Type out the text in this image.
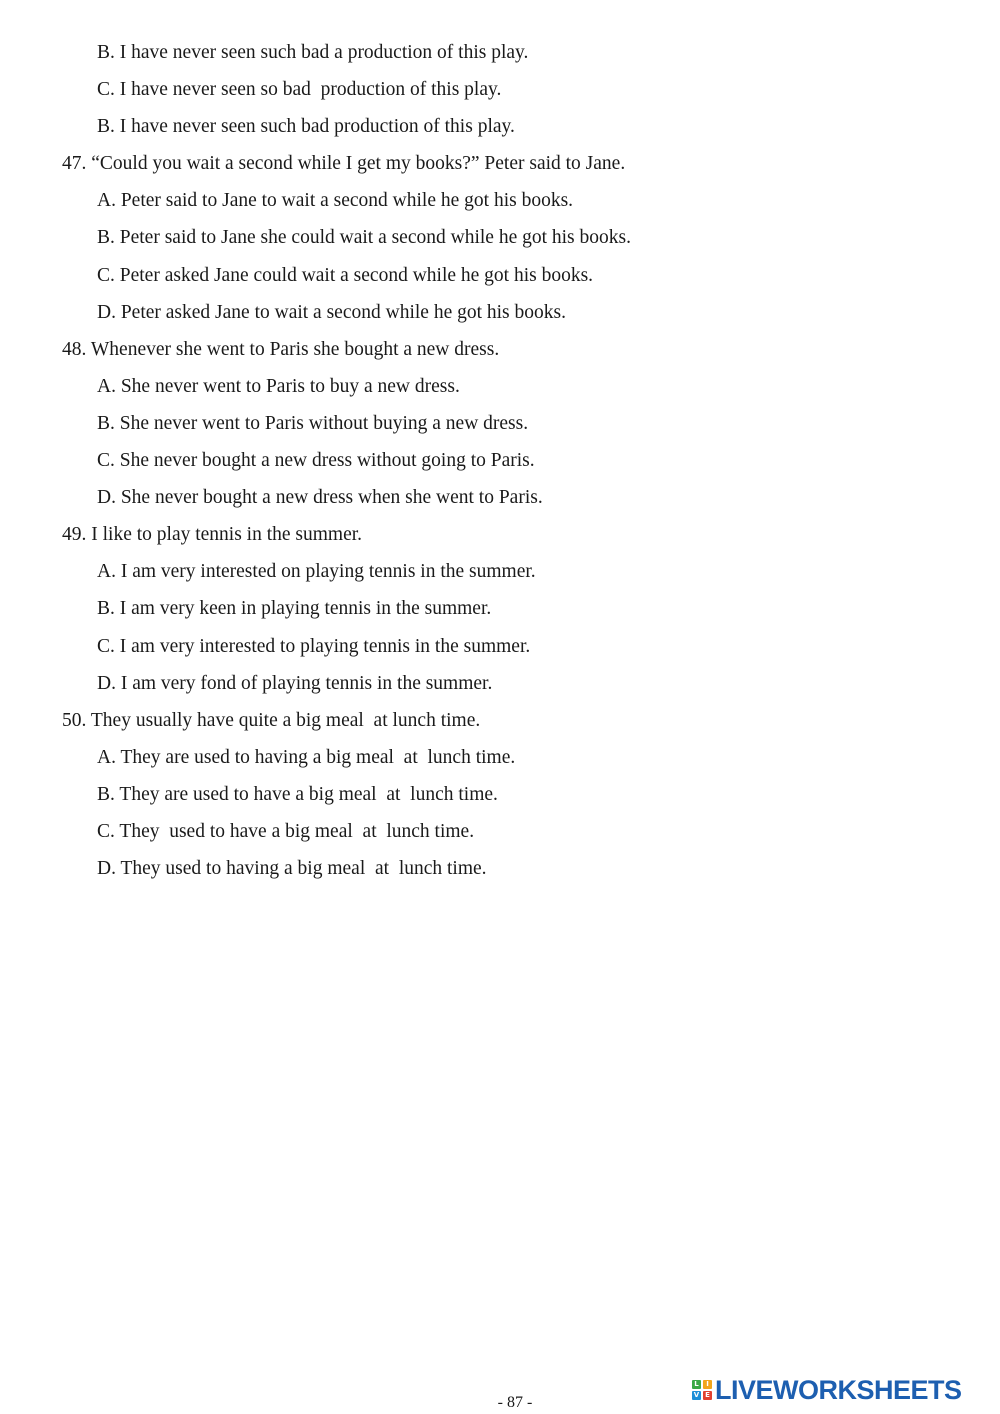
B. I have never seen such bad a production of this play.
C. I have never seen so bad  production of this play.
B. I have never seen such bad production of this play.
47. “Could you wait a second while I get my books?” Peter said to Jane.
A. Peter said to Jane to wait a second while he got his books.
B. Peter said to Jane she could wait a second while he got his books.
C. Peter asked Jane could wait a second while he got his books.
D. Peter asked Jane to wait a second while he got his books.
48. Whenever she went to Paris she bought a new dress.
A. She never went to Paris to buy a new dress.
B. She never went to Paris without buying a new dress.
C. She never bought a new dress without going to Paris.
D. She never bought a new dress when she went to Paris.
49. I like to play tennis in the summer.
A. I am very interested on playing tennis in the summer.
B. I am very keen in playing tennis in the summer.
C. I am very interested to playing tennis in the summer.
D. I am very fond of playing tennis in the summer.
50. They usually have quite a big meal  at lunch time.
A. They are used to having a big meal  at  lunch time.
B. They are used to have a big meal  at  lunch time.
C. They  used to have a big meal  at  lunch time.
D. They used to having a big meal  at  lunch time.
- 87 -
L	I
V E LIVEWORKSHEETS
